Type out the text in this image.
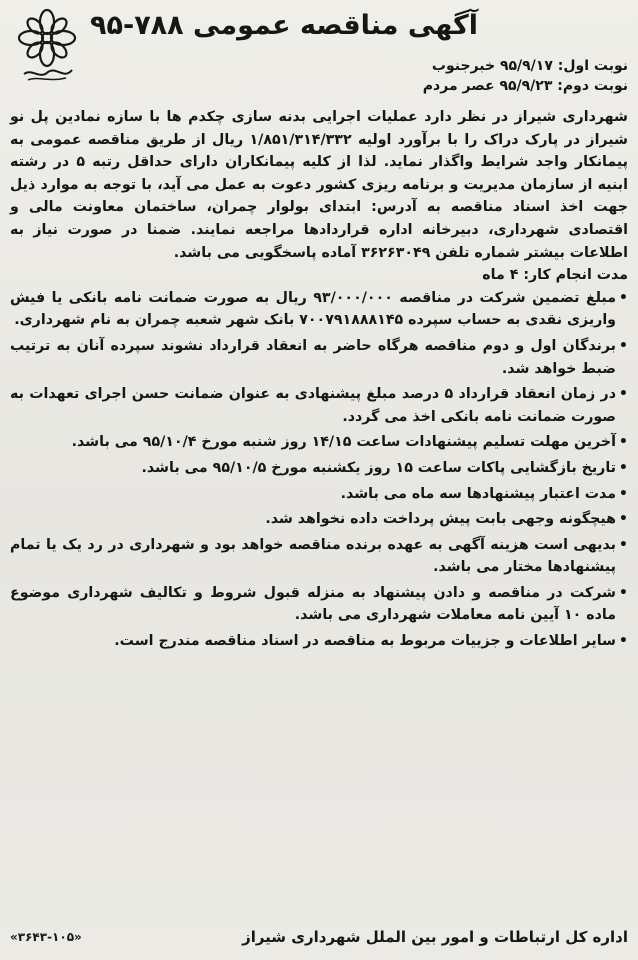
آگهی مناقصه عمومی ۷۸۸-۹۵
نوبت اول: ۹۵/۹/۱۷ خبرجنوب
نوبت دوم: ۹۵/۹/۲۳ عصر مردم

شهرداری شیراز در نظر دارد عملیات اجرایی بدنه سازی چکدم ها با سازه نمادین پل نو شیراز در پارک دراک را با برآورد اولیه ۱/۸۵۱/۳۱۴/۳۳۲ ریال از طریق مناقصه عمومی به پیمانکار واجد شرایط واگذار نماید. لذا از کلیه پیمانکاران دارای حداقل رتبه ۵ در رشته ابنیه از سازمان مدیریت و برنامه ریزی کشور دعوت به عمل می آید، با توجه به موارد ذیل جهت اخذ اسناد مناقصه به آدرس: ابتدای بولوار چمران، ساختمان معاونت مالی و اقتصادی شهرداری، دبیرخانه اداره قراردادها مراجعه نمایند. ضمنا در صورت نیاز به اطلاعات بیشتر شماره تلفن ۳۶۲۶۳۰۴۹ آماده پاسخگویی می باشد.

مدت انجام کار: ۴ ماه

• مبلغ تضمین شرکت در مناقصه ۹۳/۰۰۰/۰۰۰ ریال به صورت ضمانت نامه بانکی یا فیش واریزی نقدی به حساب سپرده ۷۰۰۷۹۱۸۸۸۱۴۵ بانک شهر شعبه چمران به نام شهرداری.
• برندگان اول و دوم مناقصه هرگاه حاضر به انعقاد قرارداد نشوند سپرده آنان به ترتیب ضبط خواهد شد.
• در زمان انعقاد قرارداد ۵ درصد مبلغ پیشنهادی به عنوان ضمانت حسن اجرای تعهدات به صورت ضمانت نامه بانکی اخذ می گردد.
• آخرین مهلت تسلیم پیشنهادات ساعت ۱۴/۱۵ روز شنبه مورخ ۹۵/۱۰/۴ می باشد.
• تاریخ بازگشایی پاکات ساعت ۱۵ روز یکشنبه مورخ ۹۵/۱۰/۵ می باشد.
• مدت اعتبار پیشنهادها سه ماه می باشد.
• هیچگونه وجهی بابت پیش پرداخت داده نخواهد شد.
• بدیهی است هزینه آگهی به عهده برنده مناقصه خواهد بود و شهرداری در رد یک یا تمام پیشنهادها مختار می باشد.
• شرکت در مناقصه و دادن پیشنهاد به منزله قبول شروط و تکالیف شهرداری موضوع ماده ۱۰ آیین نامه معاملات شهرداری می باشد.
• سایر اطلاعات و جزییات مربوط به مناقصه در اسناد مناقصه مندرج است.
اداره کل ارتباطات و امور بین الملل شهرداری شیراز
«۳۶۴۳-۱۰۵»
